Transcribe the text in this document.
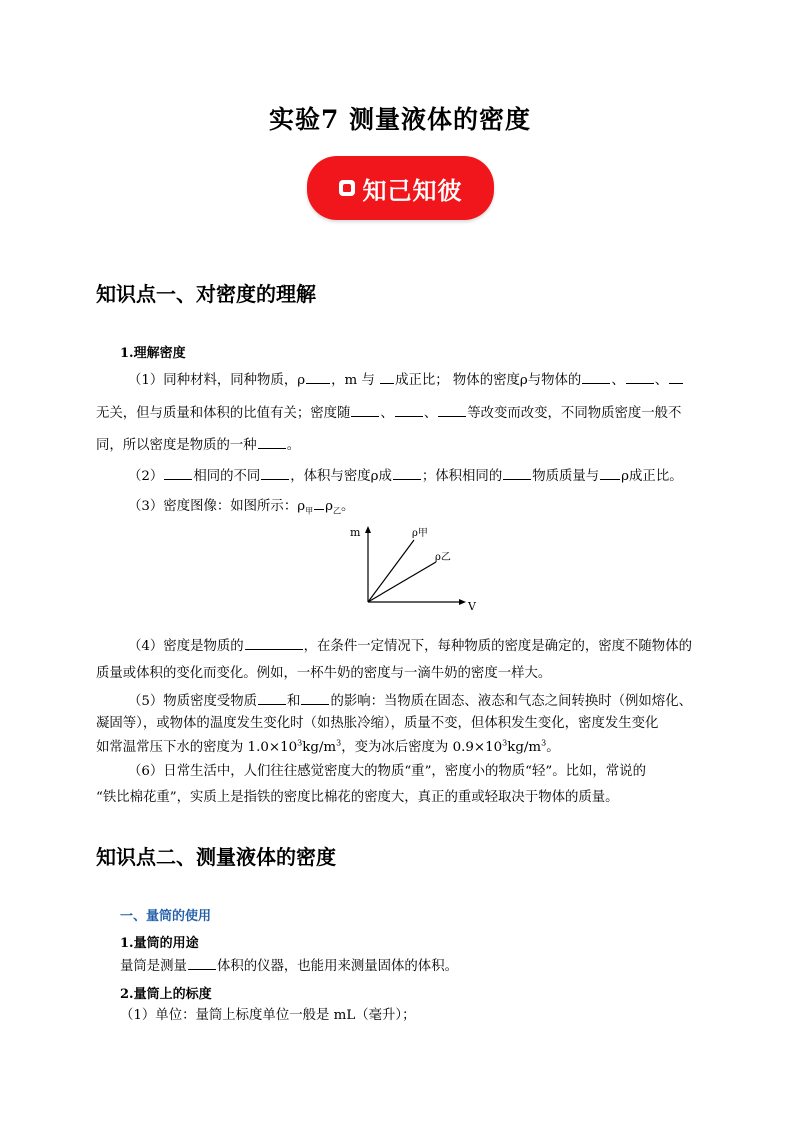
实验7 测量液体的密度
知己知彼
知识点一、对密度的理解
1.理解密度
（1）同种材料，同种物质，ρ ，m 与 成正比； 物体的密度ρ与物体的 、 、
无关，但与质量和体积的比值有关；密度随 、 、 等改变而改变，不同物质密度一般不
同，所以密度是物质的一种 。
（2） 相同的不同 ，体积与密度ρ成 ；体积相同的 物质质量与 ρ成正比。
（3）密度图像：如图所示：$\rho_甲$ $\rho_乙$。
m
V
ρ甲
ρ乙
（4）密度是物质的	，在条件一定情况下，每种物质的密度是确定的，密度不随物体的
质量或体积的变化而变化。例如，一杯牛奶的密度与一滴牛奶的密度一样大。
（5）物质密度受物质 和 的影响：当物质在固态、液态和气态之间转换时（例如熔化、
凝固等），或物体的温度发生变化时（如热胀冷缩），质量不变，但体积发生变化，密度发生变化
如常温常压下水的密度为 $1.0\times 10^3kg/m^3$，变为冰后密度为 $0.9\times 10^3kg/m^3$。
（6）日常生活中，人们往往感觉密度大的物质“重”，密度小的物质“轻”。比如，常说的
“铁比棉花重”，实质上是指铁的密度比棉花的密度大，真正的重或轻取决于物体的质量。
知识点二、测量液体的密度
一、量筒的使用
1.量筒的用途
量筒是测量 体积的仪器，也能用来测量固体的体积。
2.量筒上的标度
（1）单位：量筒上标度单位一般是 mL（毫升）；
